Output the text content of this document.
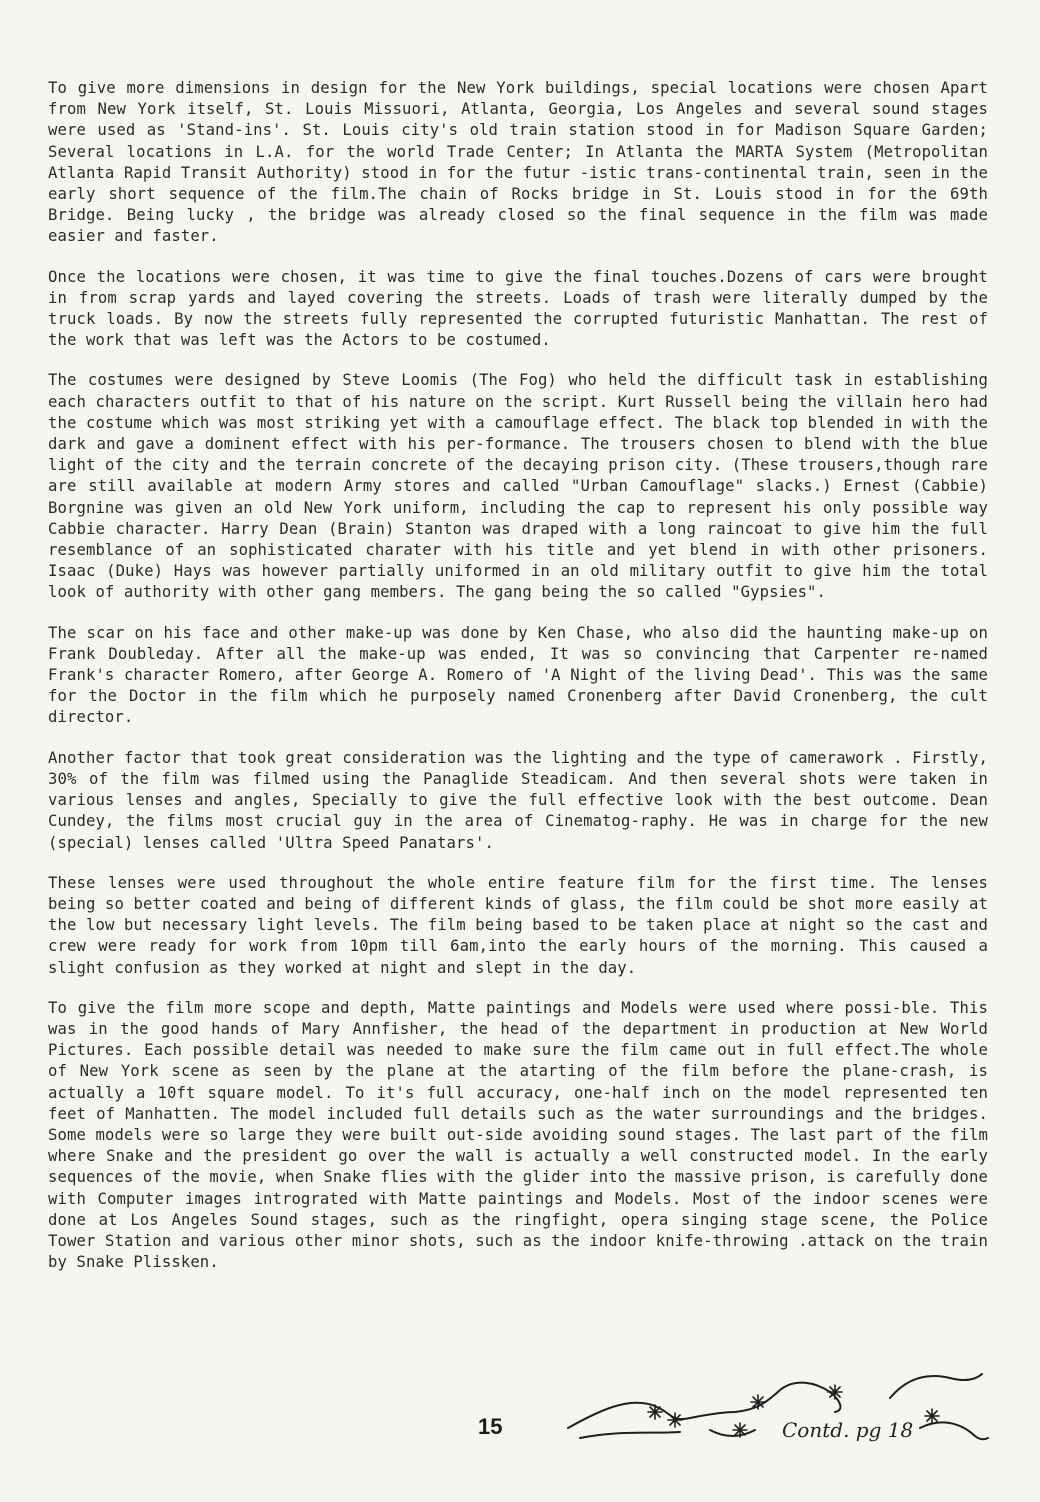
To give more dimensions in design for the New York buildings, special locations were chosen Apart from New York itself, St. Louis Missuori, Atlanta, Georgia, Los Angeles and several sound stages were used as 'Stand-ins'. St. Louis city's old train station stood in for Madison Square Garden; Several locations in L.A. for the world Trade Center; In Atlanta the MARTA System (Metropolitan Atlanta Rapid Transit Authority) stood in for the futur -istic trans-continental train, seen in the early short sequence of the film.The chain of Rocks bridge in St. Louis stood in for the 69th Bridge. Being lucky , the bridge was already closed so the final sequence in the film was made easier and faster.

Once the locations were chosen, it was time to give the final touches.Dozens of cars were brought in from scrap yards and layed covering the streets. Loads of trash were literally dumped by the truck loads. By now the streets fully represented the corrupted futuristic Manhattan. The rest of the work that was left was the Actors to be costumed.

The costumes were designed by Steve Loomis (The Fog) who held the difficult task in establishing each characters outfit to that of his nature on the script. Kurt Russell being the villain hero had the costume which was most striking yet with a camouflage effect. The black top blended in with the dark and gave a dominent effect with his per-formance. The trousers chosen to blend with the blue light of the city and the terrain concrete of the decaying prison city. (These trousers,though rare are still available at modern Army stores and called "Urban Camouflage" slacks.) Ernest (Cabbie) Borgnine was given an old New York uniform, including the cap to represent his only possible way Cabbie character. Harry Dean (Brain) Stanton was draped with a long raincoat to give him the full resemblance of an sophisticated charater with his title and yet blend in with other prisoners. Isaac (Duke) Hays was however partially uniformed in an old military outfit to give him the total look of authority with other gang members. The gang being the so called "Gypsies".

The scar on his face and other make-up was done by Ken Chase, who also did the haunting make-up on Frank Doubleday. After all the make-up was ended, It was so convincing that Carpenter re-named Frank's character Romero, after George A. Romero of 'A Night of the living Dead'. This was the same for the Doctor in the film which he purposely named Cronenberg after David Cronenberg, the cult director.

Another factor that took great consideration was the lighting and the type of camerawork . Firstly, 30% of the film was filmed using the Panaglide Steadicam. And then several shots were taken in various lenses and angles, Specially to give the full effective look with the best outcome. Dean Cundey, the films most crucial guy in the area of Cinematog-raphy. He was in charge for the new (special) lenses called 'Ultra Speed Panatars'.

These lenses were used throughout the whole entire feature film for the first time. The lenses being so better coated and being of different kinds of glass, the film could be shot more easily at the low but necessary light levels. The film being based to be taken place at night so the cast and crew were ready for work from 10pm till 6am,into the early hours of the morning. This caused a slight confusion as they worked at night and slept in the day.

To give the film more scope and depth, Matte paintings and Models were used where possi-ble. This was in the good hands of Mary Annfisher, the head of the department in production at New World Pictures. Each possible detail was needed to make sure the film came out in full effect.The whole of New York scene as seen by the plane at the atarting of the film before the plane-crash, is actually a 10ft square model. To it's full accuracy, one-half inch on the model represented ten feet of Manhatten. The model included full details such as the water surroundings and the bridges. Some models were so large they were built out-side avoiding sound stages. The last part of the film where Snake and the president go over the wall is actually a well constructed model. In the early sequences of the movie, when Snake flies with the glider into the massive prison, is carefully done with Computer images intrograted with Matte paintings and Models. Most of the indoor scenes were done at Los Angeles Sound stages, such as the ringfight, opera singing stage scene, the Police Tower Station and various other minor shots, such as the indoor knife-throwing .attack on the train by Snake Plissken.

15	Contd. pg 18
